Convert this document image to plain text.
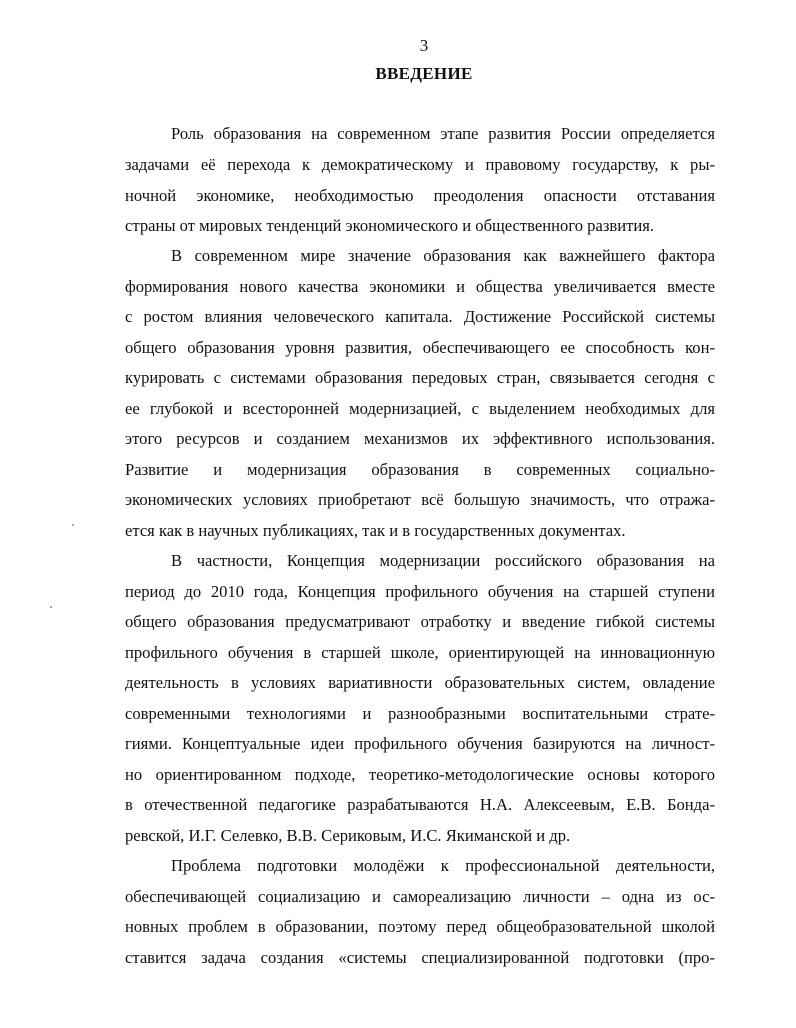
3
ВВЕДЕНИЕ
Роль образования на современном этапе развития России определяется
задачами её перехода к демократическому и правовому государству, к ры-
ночной экономике, необходимостью преодоления опасности отставания
страны от мировых тенденций экономического и общественного развития.
В современном мире значение образования как важнейшего фактора
формирования нового качества экономики и общества увеличивается вместе
с ростом влияния человеческого капитала. Достижение Российской системы
общего образования уровня развития, обеспечивающего ее способность кон-
курировать с системами образования передовых стран, связывается сегодня с
ее глубокой и всесторонней модернизацией, с выделением необходимых для
этого ресурсов и созданием механизмов их эффективного использования.
Развитие и модернизация образования в современных социально-
экономических условиях приобретают всё большую значимость, что отража-
ется как в научных публикациях, так и в государственных документах.
В частности, Концепция модернизации российского образования на
период до 2010 года, Концепция профильного обучения на старшей ступени
общего образования предусматривают отработку и введение гибкой системы
профильного обучения в старшей школе, ориентирующей на инновационную
деятельность в условиях вариативности образовательных систем, овладение
современными технологиями и разнообразными воспитательными страте-
гиями. Концептуальные идеи профильного обучения базируются на личност-
но ориентированном подходе, теоретико-методологические основы которого
в отечественной педагогике разрабатываются Н.А. Алексеевым, Е.В. Бонда-
ревской, И.Г. Селевко, В.В. Сериковым, И.С. Якиманской и др.
Проблема подготовки молодёжи к профессиональной деятельности,
обеспечивающей социализацию и самореализацию личности – одна из ос-
новных проблем в образовании, поэтому перед общеобразовательной школой
ставится задача создания «системы специализированной подготовки (про-
